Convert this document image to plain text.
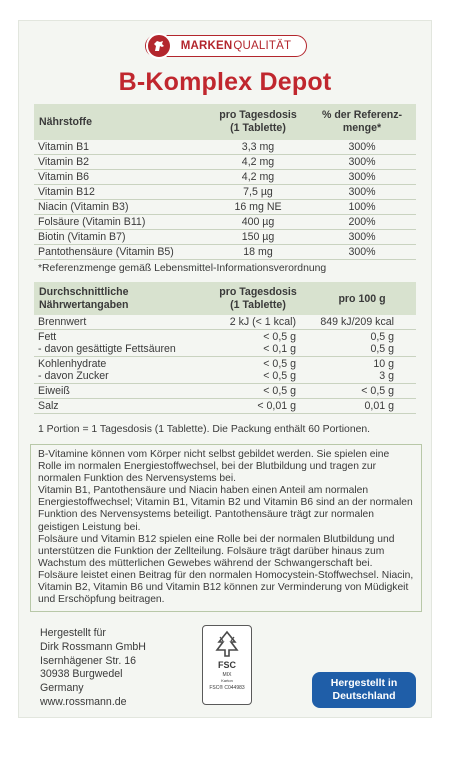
MARKEN QUALITÄT
B-Komplex Depot
Nährstoffe
pro Tagesdosis
(1 Tablette)
% der Referenz-
menge*
Vitamin B1	3,3 mg	300%
Vitamin B2	4,2 mg	300%
Vitamin B6	4,2 mg	300%
Vitamin B12	7,5 µg	300%
Niacin (Vitamin B3)	16 mg NE	100%
Folsäure (Vitamin B11)	400 µg	200%
Biotin (Vitamin B7)	150 µg	300%
Pantothensäure (Vitamin B5)	18 mg	300%
*Referenzmenge gemäß Lebensmittel-Informationsverordnung
Durchschnittliche
Nährwertangaben
pro Tagesdosis
(1 Tablette)	pro 100 g
Brennwert	2 kJ (< 1 kcal)	849 kJ/209 kcal
Fett	< 0,5 g	0,5 g
- davon gesättigte Fettsäuren	< 0,1 g	0,5 g
Kohlenhydrate	< 0,5 g	10 g
- davon Zucker	< 0,5 g	3 g
Eiweiß	< 0,5 g	< 0,5 g
Salz	< 0,01 g	0,01 g
1 Portion = 1 Tagesdosis (1 Tablette). Die Packung enthält 60 Portionen.

B-Vitamine können vom Körper nicht selbst gebildet werden. Sie spielen eine Rolle im normalen Energiestoffwechsel, bei der Blutbildung und tragen zur normalen Funktion des Nervensystems bei.

Vitamin B1, Pantothensäure und Niacin haben einen Anteil am normalen Energiestoffwechsel; Vitamin B1, Vitamin B2 und Vitamin B6 sind an der normalen Funktion des Nervensystems beteiligt. Pantothensäure trägt zur normalen geistigen Leistung bei.

Folsäure und Vitamin B12 spielen eine Rolle bei der normalen Blutbildung und unterstützen die Funktion der Zellteilung. Folsäure trägt darüber hinaus zum Wachstum des mütterlichen Gewebes während der Schwangerschaft bei. Folsäure leistet einen Beitrag für den normalen Homocystein-Stoffwechsel. Niacin, Vitamin B2, Vitamin B6 und Vitamin B12 können zur Verminderung von Müdigkeit und Erschöpfung beitragen.

Hergestellt für
Dirk Rossmann GmbH
Isernhägener Str. 16
30938 Burgwedel
Germany
www.rossmann.de
FSC
MIX
Karton
FSC® C044983	Hergestellt in
Deutschland
